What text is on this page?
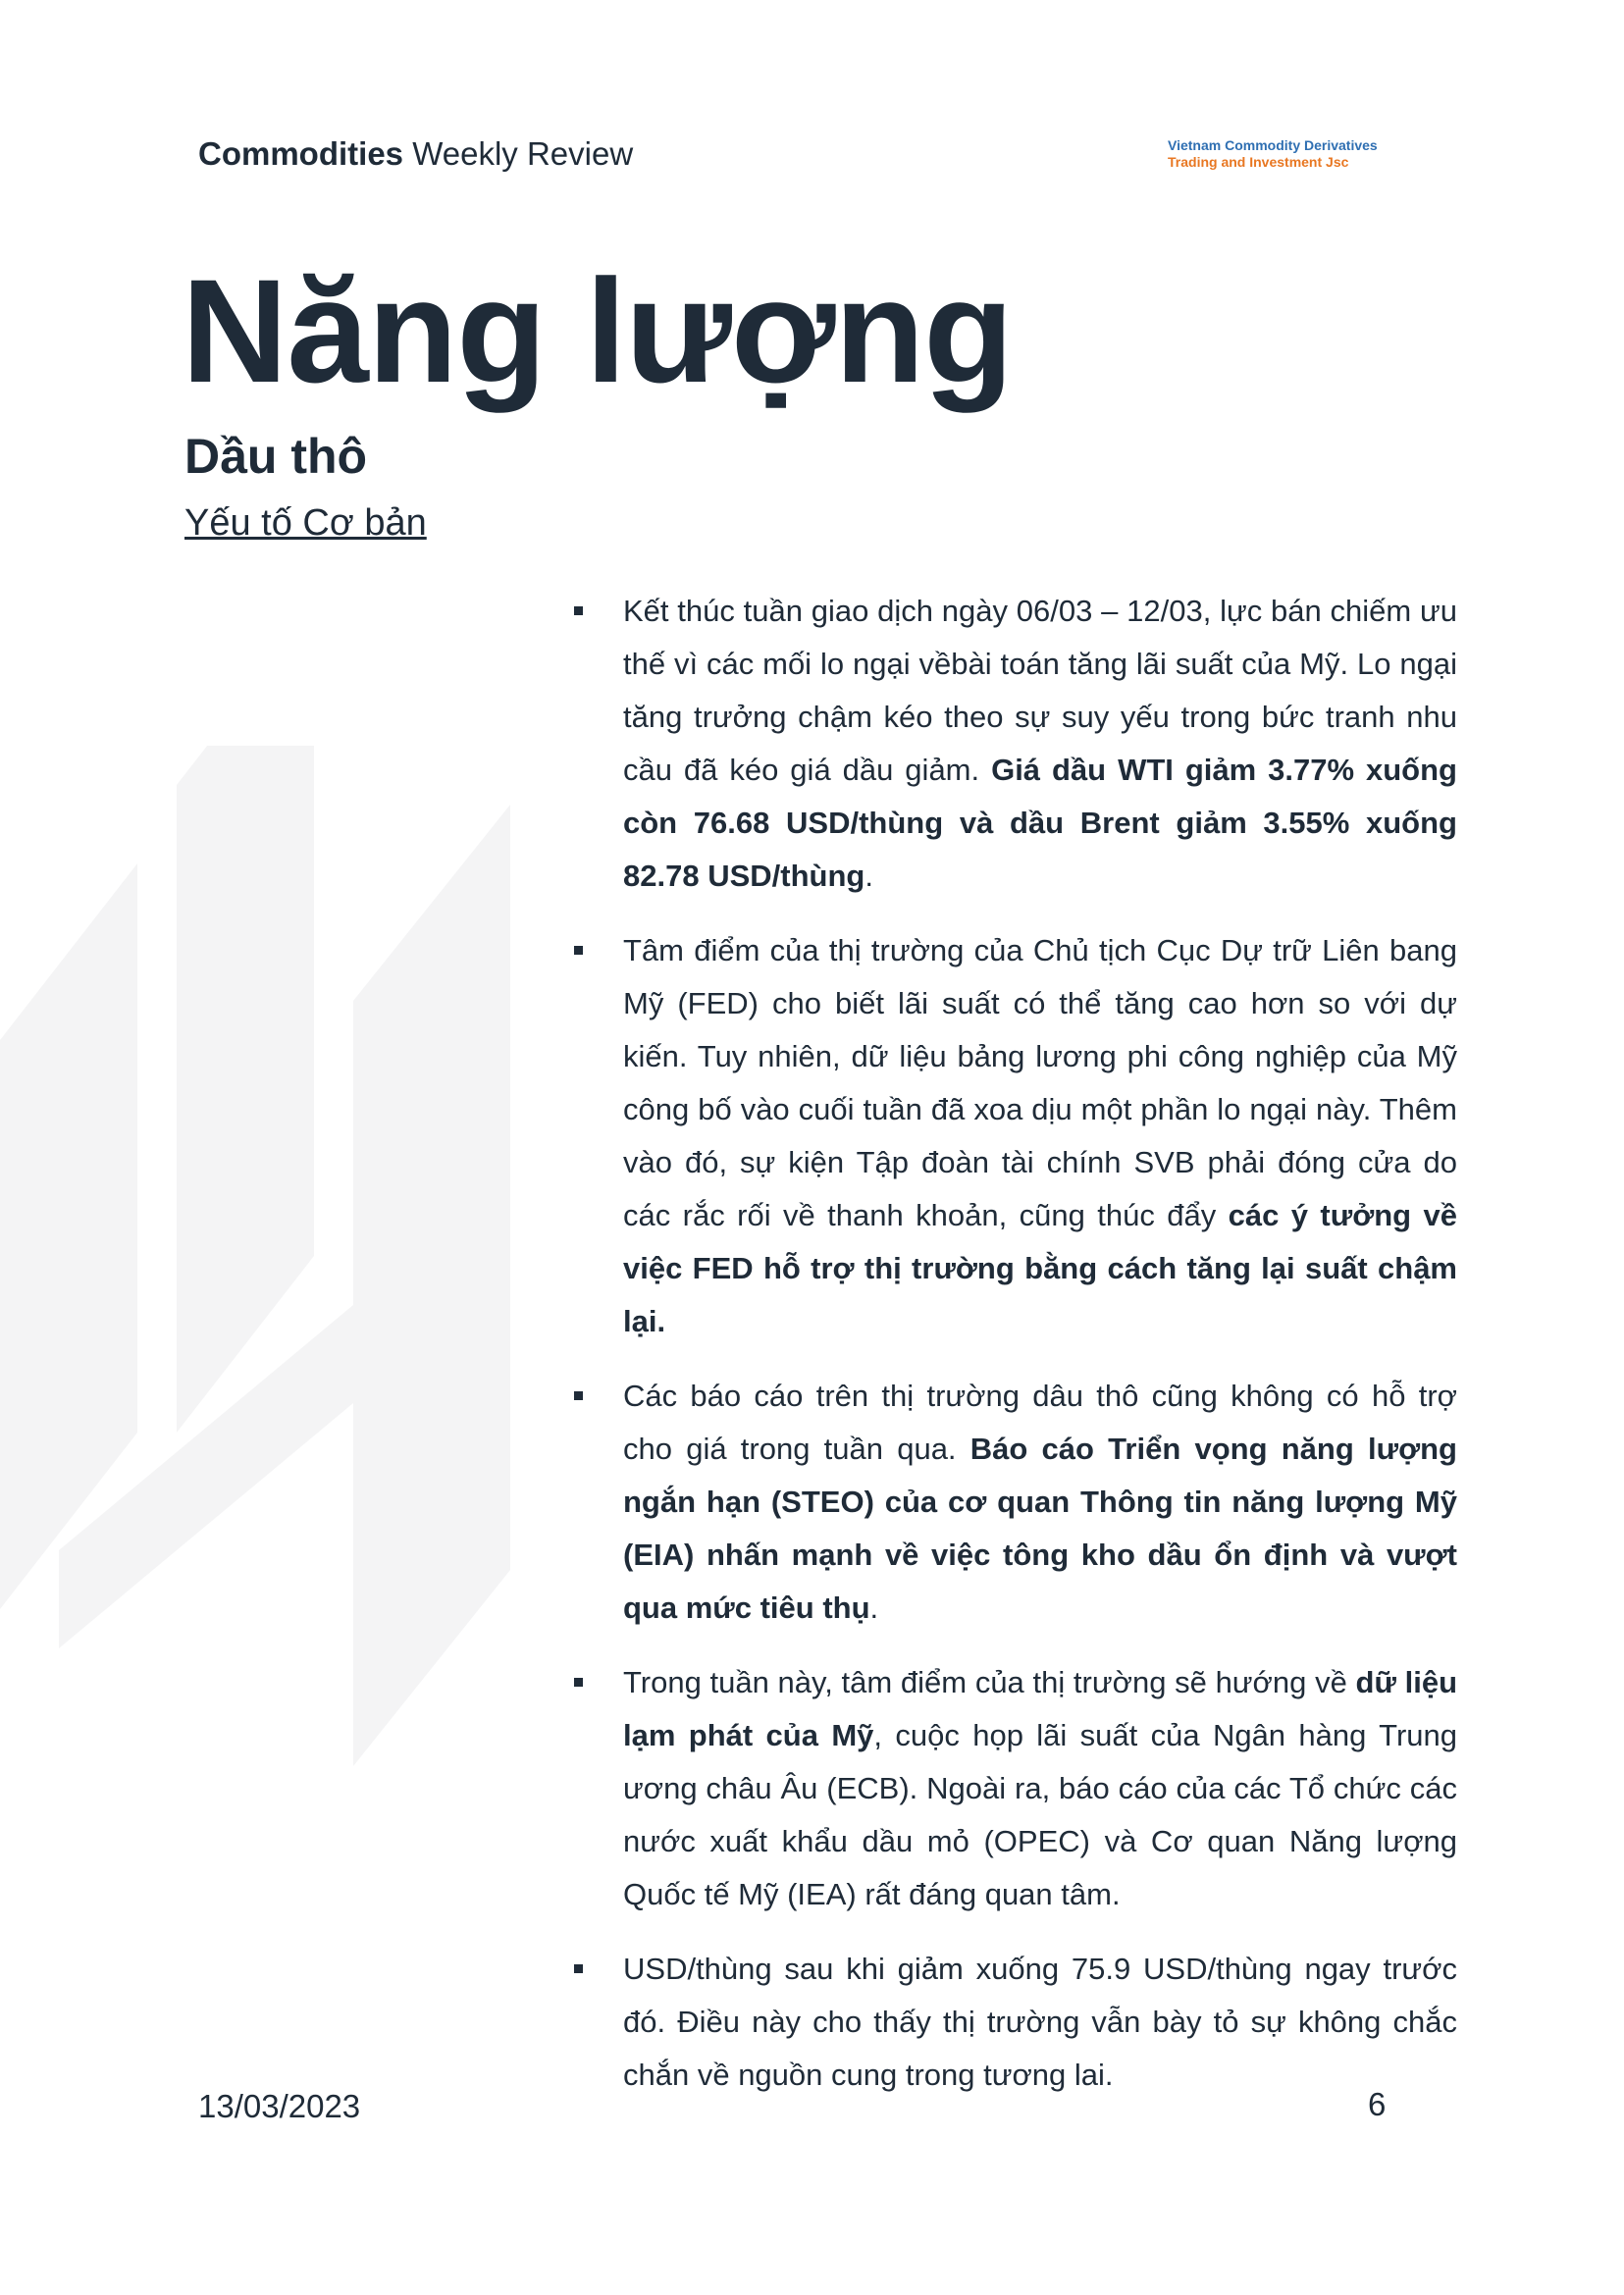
Commodities Weekly Review	Vietnam Commodity Derivatives
Trading and Investment Jsc
Năng lượng
Dầu thô
Yếu tố Cơ bản
Kết thúc tuần giao dịch ngày 06/03 – 12/03, lực bán chiếm ưu thế vì các mối lo ngại vềbài toán tăng lãi suất của Mỹ. Lo ngại tăng trưởng chậm kéo theo sự suy yếu trong bức tranh nhu cầu đã kéo giá dầu giảm. Giá dầu WTI giảm 3.77% xuống còn 76.68 USD/thùng và dầu Brent giảm 3.55% xuống 82.78 USD/thùng.
Tâm điểm của thị trường của Chủ tịch Cục Dự trữ Liên bang Mỹ (FED) cho biết lãi suất có thể tăng cao hơn so với dự kiến. Tuy nhiên, dữ liệu bảng lương phi công nghiệp của Mỹ công bố vào cuối tuần đã xoa dịu một phần lo ngại này. Thêm vào đó, sự kiện Tập đoàn tài chính SVB phải đóng cửa do các rắc rối về thanh khoản, cũng thúc đẩy các ý tưởng về việc FED hỗ trợ thị trường bằng cách tăng lại suất chậm lại.
Các báo cáo trên thị trường dâu thô cũng không có hỗ trợ cho giá trong tuần qua. Báo cáo Triển vọng năng lượng ngắn hạn (STEO) của cơ quan Thông tin năng lượng Mỹ (EIA) nhấn mạnh về việc tông kho dầu ổn định và vượt qua mức tiêu thụ.
Trong tuần này, tâm điểm của thị trường sẽ hướng về dữ liệu lạm phát của Mỹ, cuộc họp lãi suất của Ngân hàng Trung ương châu Âu (ECB). Ngoài ra, báo cáo của các Tổ chức các nước xuất khẩu dầu mỏ (OPEC) và Cơ quan Năng lượng Quốc tế Mỹ (IEA) rất đáng quan tâm.
USD/thùng sau khi giảm xuống 75.9 USD/thùng ngay trước đó. Điều này cho thấy thị trường vẫn bày tỏ sự không chắc chắn về nguồn cung trong tương lai.
13/03/2023	6
